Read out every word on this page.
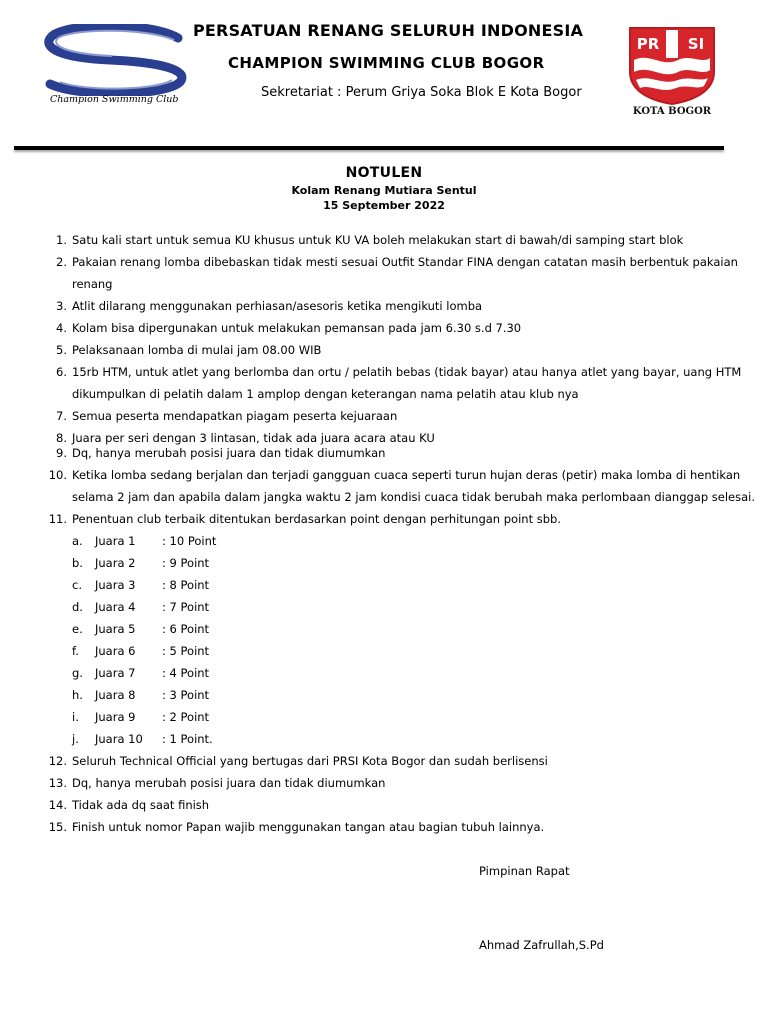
Champion Swimming Club
PERSATUAN RENANG SELURUH INDONESIA
CHAMPION SWIMMING CLUB BOGOR
Sekretariat : Perum Griya Soka Blok E Kota Bogor
PR SI
KOTA BOGOR
NOTULEN
Kolam Renang Mutiara Sentul
15 September 2022
1. Satu kali start untuk semua KU khusus untuk KU VA boleh melakukan start di bawah/di samping start blok
2. Pakaian renang lomba dibebaskan tidak mesti sesuai Outfit Standar FINA dengan catatan masih berbentuk pakaian
renang
3. Atlit dilarang menggunakan perhiasan/asesoris ketika mengikuti lomba
4. Kolam bisa dipergunakan untuk melakukan pemansan pada jam 6.30 s.d 7.30
5. Pelaksanaan lomba di mulai jam 08.00 WIB
6. 15rb HTM, untuk atlet yang berlomba dan ortu / pelatih bebas (tidak bayar) atau hanya atlet yang bayar, uang HTM
dikumpulkan di pelatih dalam 1 amplop dengan keterangan nama pelatih atau klub nya
7. Semua peserta mendapatkan piagam peserta kejuaraan
8. Juara per seri dengan 3 lintasan, tidak ada juara acara atau KU
9. Dq, hanya merubah posisi juara dan tidak diumumkan
10. Ketika lomba sedang berjalan dan terjadi gangguan cuaca seperti turun hujan deras (petir) maka lomba di hentikan
selama 2 jam dan apabila dalam jangka waktu 2 jam kondisi cuaca tidak berubah maka perlombaan dianggap selesai.
11. Penentuan club terbaik ditentukan berdasarkan point dengan perhitungan point sbb.
a. Juara 1 : 10 Point
b. Juara 2 : 9 Point
c. Juara 3 : 8 Point
d. Juara 4 : 7 Point
e. Juara 5 : 6 Point
f. Juara 6 : 5 Point
g. Juara 7 : 4 Point
h. Juara 8 : 3 Point
i. Juara 9 : 2 Point
j. Juara 10 : 1 Point.
12. Seluruh Technical Official yang bertugas dari PRSI Kota Bogor dan sudah berlisensi
13. Dq, hanya merubah posisi juara dan tidak diumumkan
14. Tidak ada dq saat finish
15. Finish untuk nomor Papan wajib menggunakan tangan atau bagian tubuh lainnya.
Pimpinan Rapat
Ahmad Zafrullah,S.Pd
